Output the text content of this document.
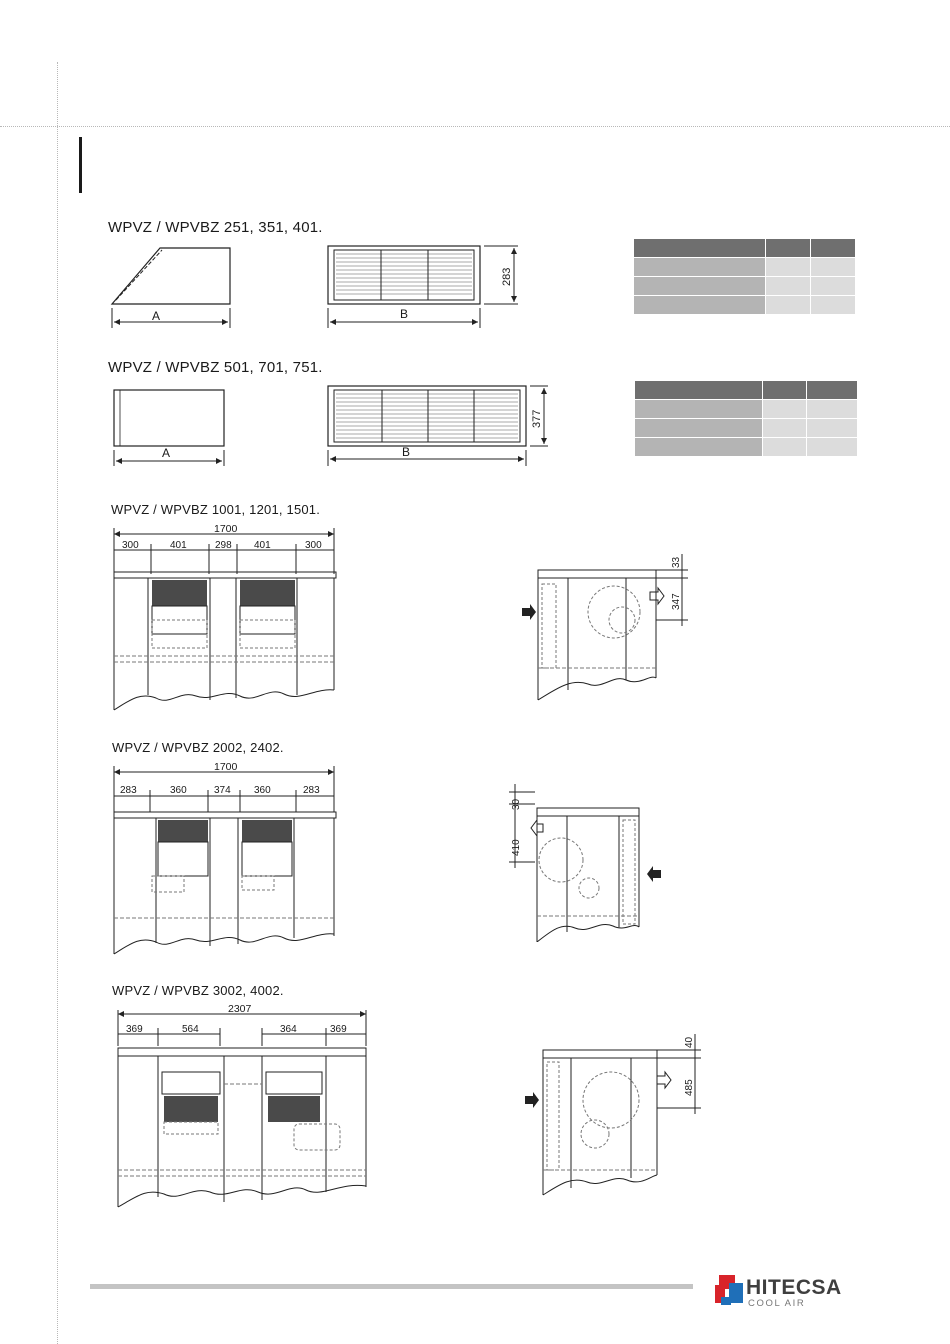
WPVZ / WPVBZ 251, 351, 401.
A	B
283

WPVZ / WPVBZ 501, 701, 751.
A	B
377

WPVZ / WPVBZ 1001, 1201, 1501.
1700
300	401	298 401	300
33
347
WPVZ / WPVBZ 2002, 2402.
1700
283	360	374 360	283
30
410
WPVZ / WPVBZ 3002, 4002.
2307
369	564	364	369
40
485
HITECSA
COOL AIR
